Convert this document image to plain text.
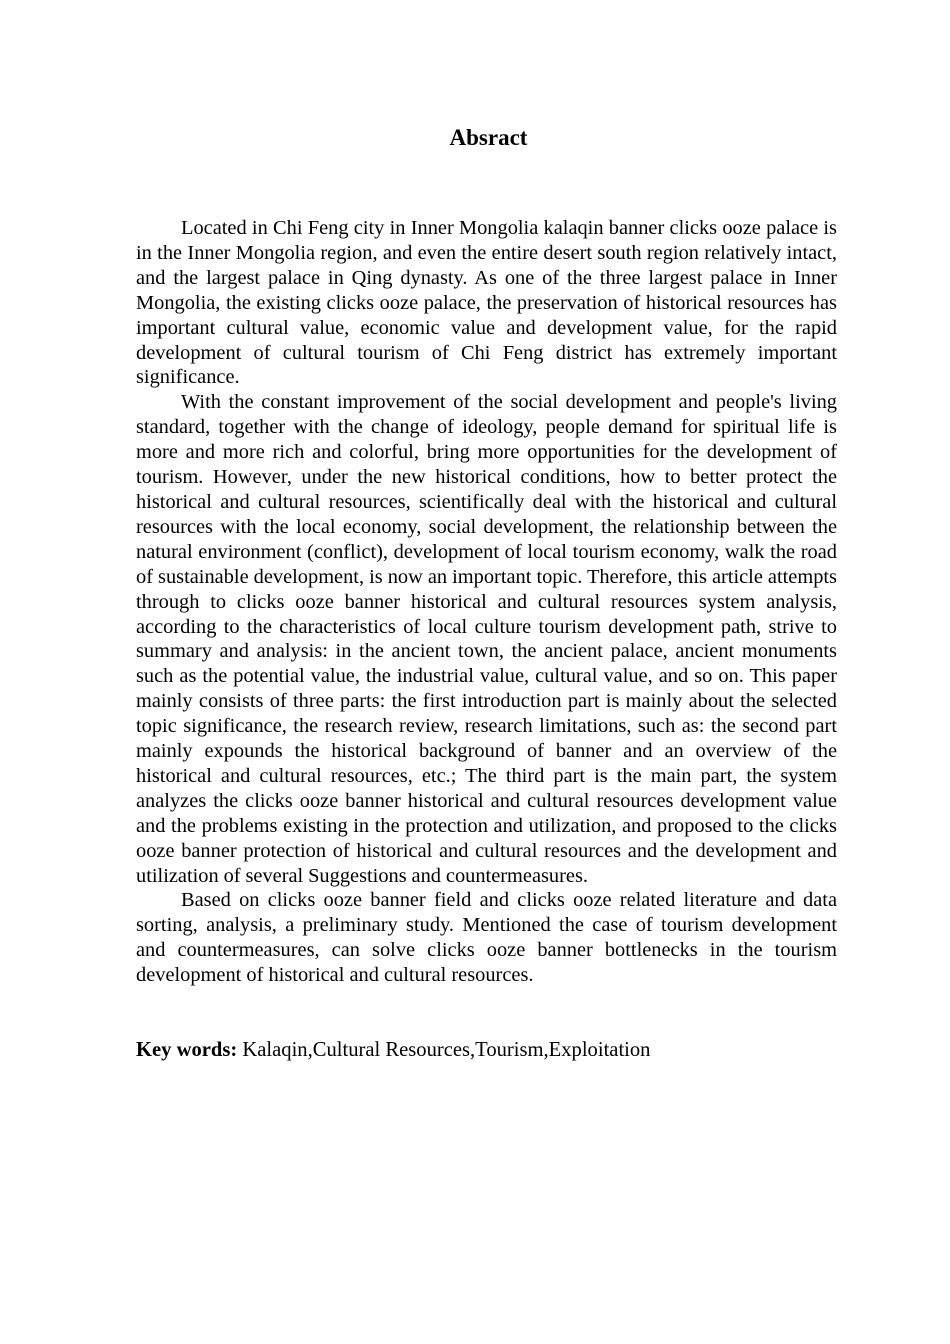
Absract

Located in Chi Feng city in Inner Mongolia kalaqin banner clicks ooze palace is in the Inner Mongolia region, and even the entire desert south region relatively intact, and the largest palace in Qing dynasty. As one of the three largest palace in Inner Mongolia, the existing clicks ooze palace, the preservation of historical resources has important cultural value, economic value and development value, for the rapid development of cultural tourism of Chi Feng district has extremely important significance.

With the constant improvement of the social development and people's living standard, together with the change of ideology, people demand for spiritual life is more and more rich and colorful, bring more opportunities for the development of tourism. However, under the new historical conditions, how to better protect the historical and cultural resources, scientifically deal with the historical and cultural resources with the local economy, social development, the relationship between the natural environment (conflict), development of local tourism economy, walk the road of sustainable development, is now an important topic. Therefore, this article attempts through to clicks ooze banner historical and cultural resources system analysis, according to the characteristics of local culture tourism development path, strive to summary and analysis: in the ancient town, the ancient palace, ancient monuments such as the potential value, the industrial value, cultural value, and so on. This paper mainly consists of three parts: the first introduction part is mainly about the selected topic significance, the research review, research limitations, such as: the second part mainly expounds the historical background of banner and an overview of the historical and cultural resources, etc.; The third part is the main part, the system analyzes the clicks ooze banner historical and cultural resources development value and the problems existing in the protection and utilization, and proposed to the clicks ooze banner protection of historical and cultural resources and the development and utilization of several Suggestions and countermeasures.

Based on clicks ooze banner field and clicks ooze related literature and data sorting, analysis, a preliminary study. Mentioned the case of tourism development and countermeasures, can solve clicks ooze banner bottlenecks in the tourism development of historical and cultural resources.

Key words: Kalaqin,Cultural Resources,Tourism,Exploitation
